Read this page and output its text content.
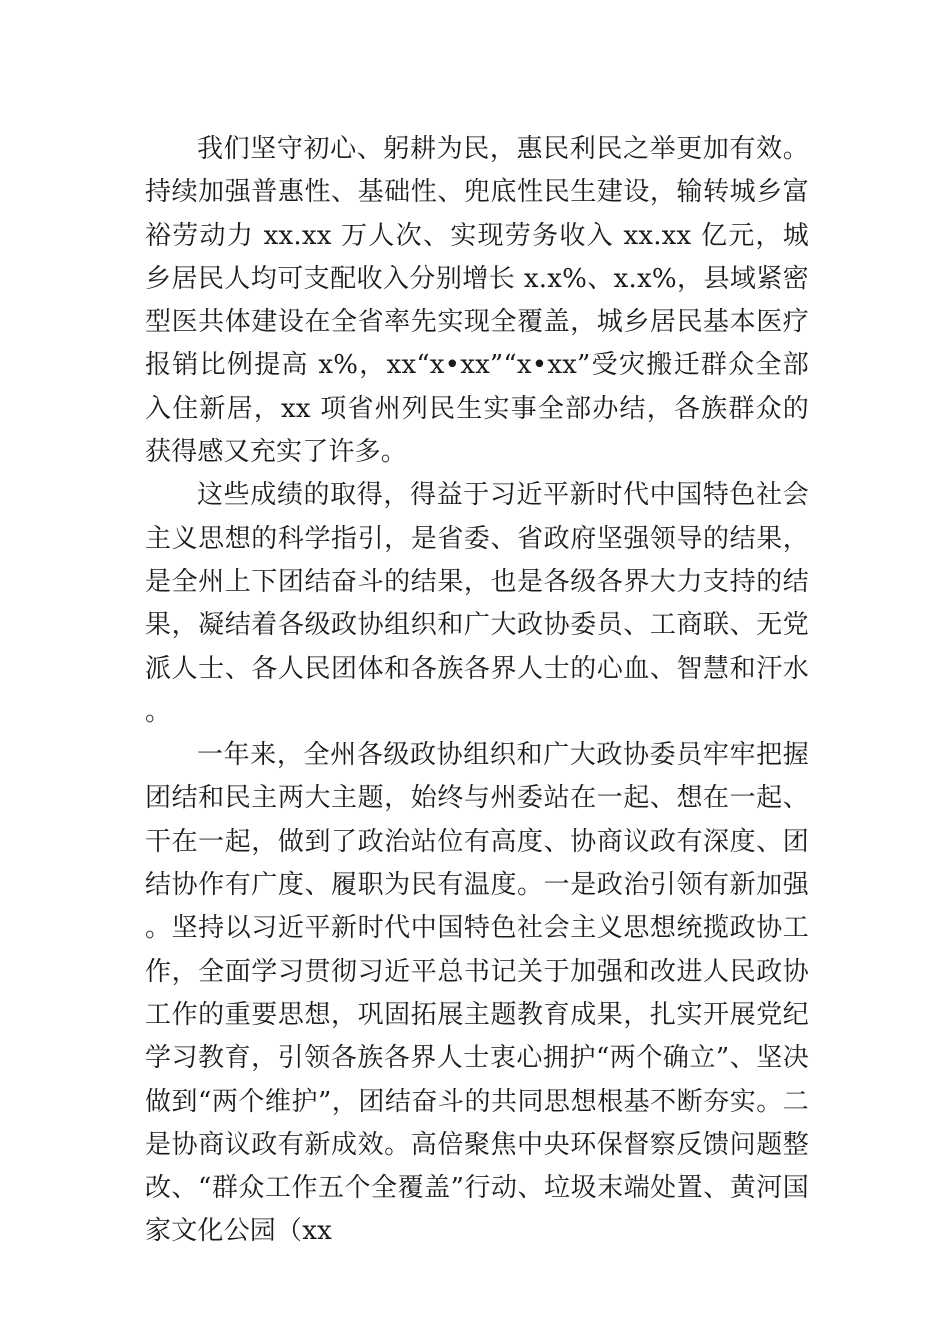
我们坚守初心、躬耕为民，惠民利民之举更加有效。持续加强普惠性、基础性、兜底性民生建设，输转城乡富裕劳动力 xx.xx 万人次、实现劳务收入 xx.xx 亿元，城乡居民人均可支配收入分别增长 x.x%、x.x%，县域紧密型医共体建设在全省率先实现全覆盖，城乡居民基本医疗报销比例提高 x%，xx“x•xx”“x•xx”受灾搬迁群众全部入住新居，xx 项省州列民生实事全部办结，各族群众的获得感又充实了许多。

这些成绩的取得，得益于习近平新时代中国特色社会主义思想的科学指引，是省委、省政府坚强领导的结果，是全州上下团结奋斗的结果，也是各级各界大力支持的结果，凝结着各级政协组织和广大政协委员、工商联、无党派人士、各人民团体和各族各界人士的心血、智慧和汗水。

一年来，全州各级政协组织和广大政协委员牢牢把握团结和民主两大主题，始终与州委站在一起、想在一起、干在一起，做到了政治站位有高度、协商议政有深度、团结协作有广度、履职为民有温度。一是政治引领有新加强。坚持以习近平新时代中国特色社会主义思想统揽政协工作，全面学习贯彻习近平总书记关于加强和改进人民政协工作的重要思想，巩固拓展主题教育成果，扎实开展党纪学习教育，引领各族各界人士衷心拥护“两个确立”、坚决做到“两个维护”，团结奋斗的共同思想根基不断夯实。二是协商议政有新成效。高倍聚焦中央环保督察反馈问题整改、“群众工作五个全覆盖”行动、垃圾末端处置、黄河国家文化公园（xx
